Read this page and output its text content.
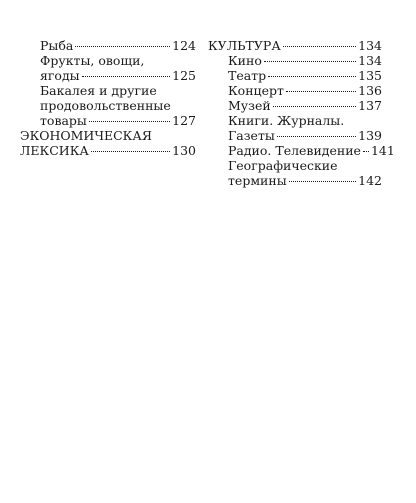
Рыба	124
Фрукты, овощи,
ягоды	125
Бакалея и другие
продовольственные
товары	127
ЭКОНОМИЧЕСКАЯ
ЛЕКСИКА	130
КУЛЬТУРА	134
Кино	134
Театр	135
Концерт	136
Музей	137
Книги. Журналы.
Газеты	139
Радио. Телевидение 141
Географические
термины	142
